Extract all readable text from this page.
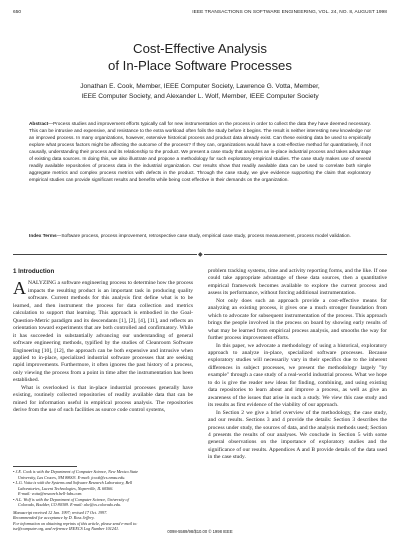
650	IEEE TRANSACTIONS ON SOFTWARE ENGINEERING, VOL. 24, NO. 8, AUGUST 1998
Cost-Effective Analysis
of In-Place Software Processes
Jonathan E. Cook, Member, IEEE Computer Society, Lawrence G. Votta, Member,
IEEE Computer Society, and Alexander L. Wolf, Member, IEEE Computer Society
Abstract—Process studies and improvement efforts typically call for new instrumentation on the process in order to collect the data they have deemed necessary. This can be intrusive and expensive, and resistance to the extra workload often foils the study before it begins. The result is neither interesting new knowledge nor an improved process. In many organizations, however, extensive historical process and product data already exist. Can these existing data be used to empirically explore what process factors might be affecting the outcome of the process? If they can, organizations would have a cost-effective method for quantitatively, if not causally, understanding their process and its relationship to the product. We present a case study that analyzes an in-place industrial process and takes advantage of existing data sources. In doing this, we also illustrate and propose a methodology for such exploratory empirical studies. The case study makes use of several readily available repositories of process data in the industrial organization. Our results show that readily available data can be used to correlate both simple aggregate metrics and complex process metrics with defects in the product. Through the case study, we give evidence supporting the claim that exploratory empirical studies can provide significant results and benefits while being cost effective in their demands on the organization.
Index Terms—Software process, process improvement, retrospective case study, empirical case study, process measurement, process model validation.
◆
1 Introduction

ANALYZING a software engineering process to determine how the process impacts the resulting product is an important task in producing quality software. Current methods for this analysis first define what is to be learned, and then instrument the process for data collection and metrics calculation to support that learning. This approach is embodied in the Goal-Question-Metric paradigm and its descendants [1], [2], [4], [11], and reflects an orientation toward experiments that are both controlled and confirmatory. While it has succeeded in substantially advancing our understanding of general software engineering methods, typified by the studies of Cleanroom Software Engineering [10], [12], the approach can be both expensive and intrusive when applied to in-place, specialized industrial software processes that are seeking rapid improvements. Furthermore, it often ignores the past history of a process, only viewing the process from a point in time after the instrumentation has been established.

What is overlooked is that in-place industrial processes generally have existing, routinely collected repositories of readily available data that can be mined for information useful in empirical process analysis. The repositories derive from the use of such facilities as source code control systems,

problem tracking systems, time and activity reporting forms, and the like. If one could take appropriate advantage of these data sources, then a quantitative empirical framework becomes available to explore the current process and assess its performance, without forcing additional instrumentation.

Not only does such an approach provide a cost-effective means for analyzing an existing process, it gives one a much stronger foundation from which to advocate for subsequent instrumentation of the process. This approach brings the people involved in the process on board by showing early results of what may be learned from empirical process analysis, and smooths the way for further process improvement efforts.

In this paper, we advocate a methodology of using a historical, exploratory approach to analyze in-place, specialized software processes. Because exploratory studies will necessarily vary in their specifics due to the inherent differences in subject processes, we present the methodology largely "by example" through a case study of a real-world industrial process. What we hope to do is give the reader new ideas for finding, combining, and using existing data repositories to learn about and improve a process, as well as give an awareness of the issues that arise in such a study. We view this case study and its results as first evidence of the viability of our approach.

In Section 2 we give a brief overview of the methodology, the case study, and our results. Sections 3 and 4 provide the details: Section 3 describes the process under study, the sources of data, and the analysis methods used; Section 4 presents the results of our analyses. We conclude in Section 5 with some general observations on the importance of exploratory studies and the significance of our results. Appendices A and B provide details of the data used in the case study.

• J.E. Cook is with the Department of Computer Science, New Mexico State
University, Las Cruces, NM 88003. E-mail: jcook@cs.nmsu.edu.
• L.G. Votta is with the Systems and Software Research Laboratory, Bell
Laboratories, Lucent Technologies, Naperville, IL 60566.
E-mail: votta@research.bell-labs.com.
• A.L. Wolf is with the Department of Computer Science, University of
Colorado, Boulder, CO 80309. E-mail: alw@cs.colorado.edu.
Manuscript received 12 Jan. 1997; revised 17 Oct. 1997.
Recommended for acceptance by D. Ross Jeffery.
For information on obtaining reprints of this article, please send e-mail to:
tse@computer.org, and reference IEEECS Log Number 101241.
0098-5589/98/$10.00 © 1998 IEEE
